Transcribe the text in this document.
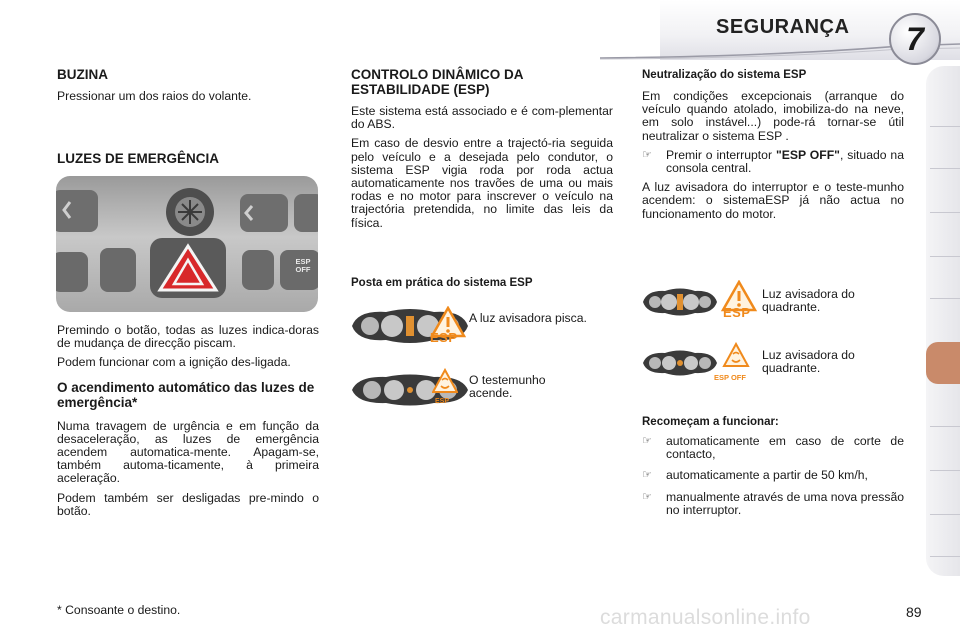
SEGURANÇA	7
BUZINA

Pressionar um dos raios do volante.

LUZES DE EMERGÊNCIA
ESP OFF

Premindo o botão, todas as luzes indica-doras de mudança de direcção piscam.

Podem funcionar com a ignição des-ligada.

O acendimento automático das luzes de emergência*

Numa travagem de urgência e em função da desaceleração, as luzes de emergência acendem automatica-mente. Apagam-se, também automa-ticamente, à primeira aceleração.

Podem também ser desligadas pre-mindo o botão.

* Consoante o destino.
CONTROLO DINÂMICO DA ESTABILIDADE (ESP)

Este sistema está associado e é com-plementar do ABS.

Em caso de desvio entre a trajectó-ria seguida pelo veículo e a desejada pelo condutor, o sistema ESP vigia roda por roda actua automaticamente nos travões de uma ou mais rodas e no motor para inscrever o veículo na trajectória pretendida, no limite das leis da física.

Posta em prática do sistema ESP
ESP

A luz avisadora pisca.

ESP

O testemunho acende.

Neutralização do sistema ESP

Em condições excepcionais (arranque do veículo quando atolado, imobiliza-do na neve, em solo instável...) pode-rá tornar-se útil neutralizar o sistema ESP .

☞	Premir o interruptor "ESP OFF", situado na consola central.

A luz avisadora do interruptor e o teste-munho acendem: o sistemaESP já não actua no funcionamento do motor.

ESP

Luz avisadora do quadrante.

ESP OFF

Luz avisadora do quadrante.

Recomeçam a funcionar:
☞	automaticamente em caso de corte de contacto,
☞	automaticamente a partir de 50 km/h,
☞	manualmente através de uma nova pressão no interruptor.
carmanualsonline.info	89
